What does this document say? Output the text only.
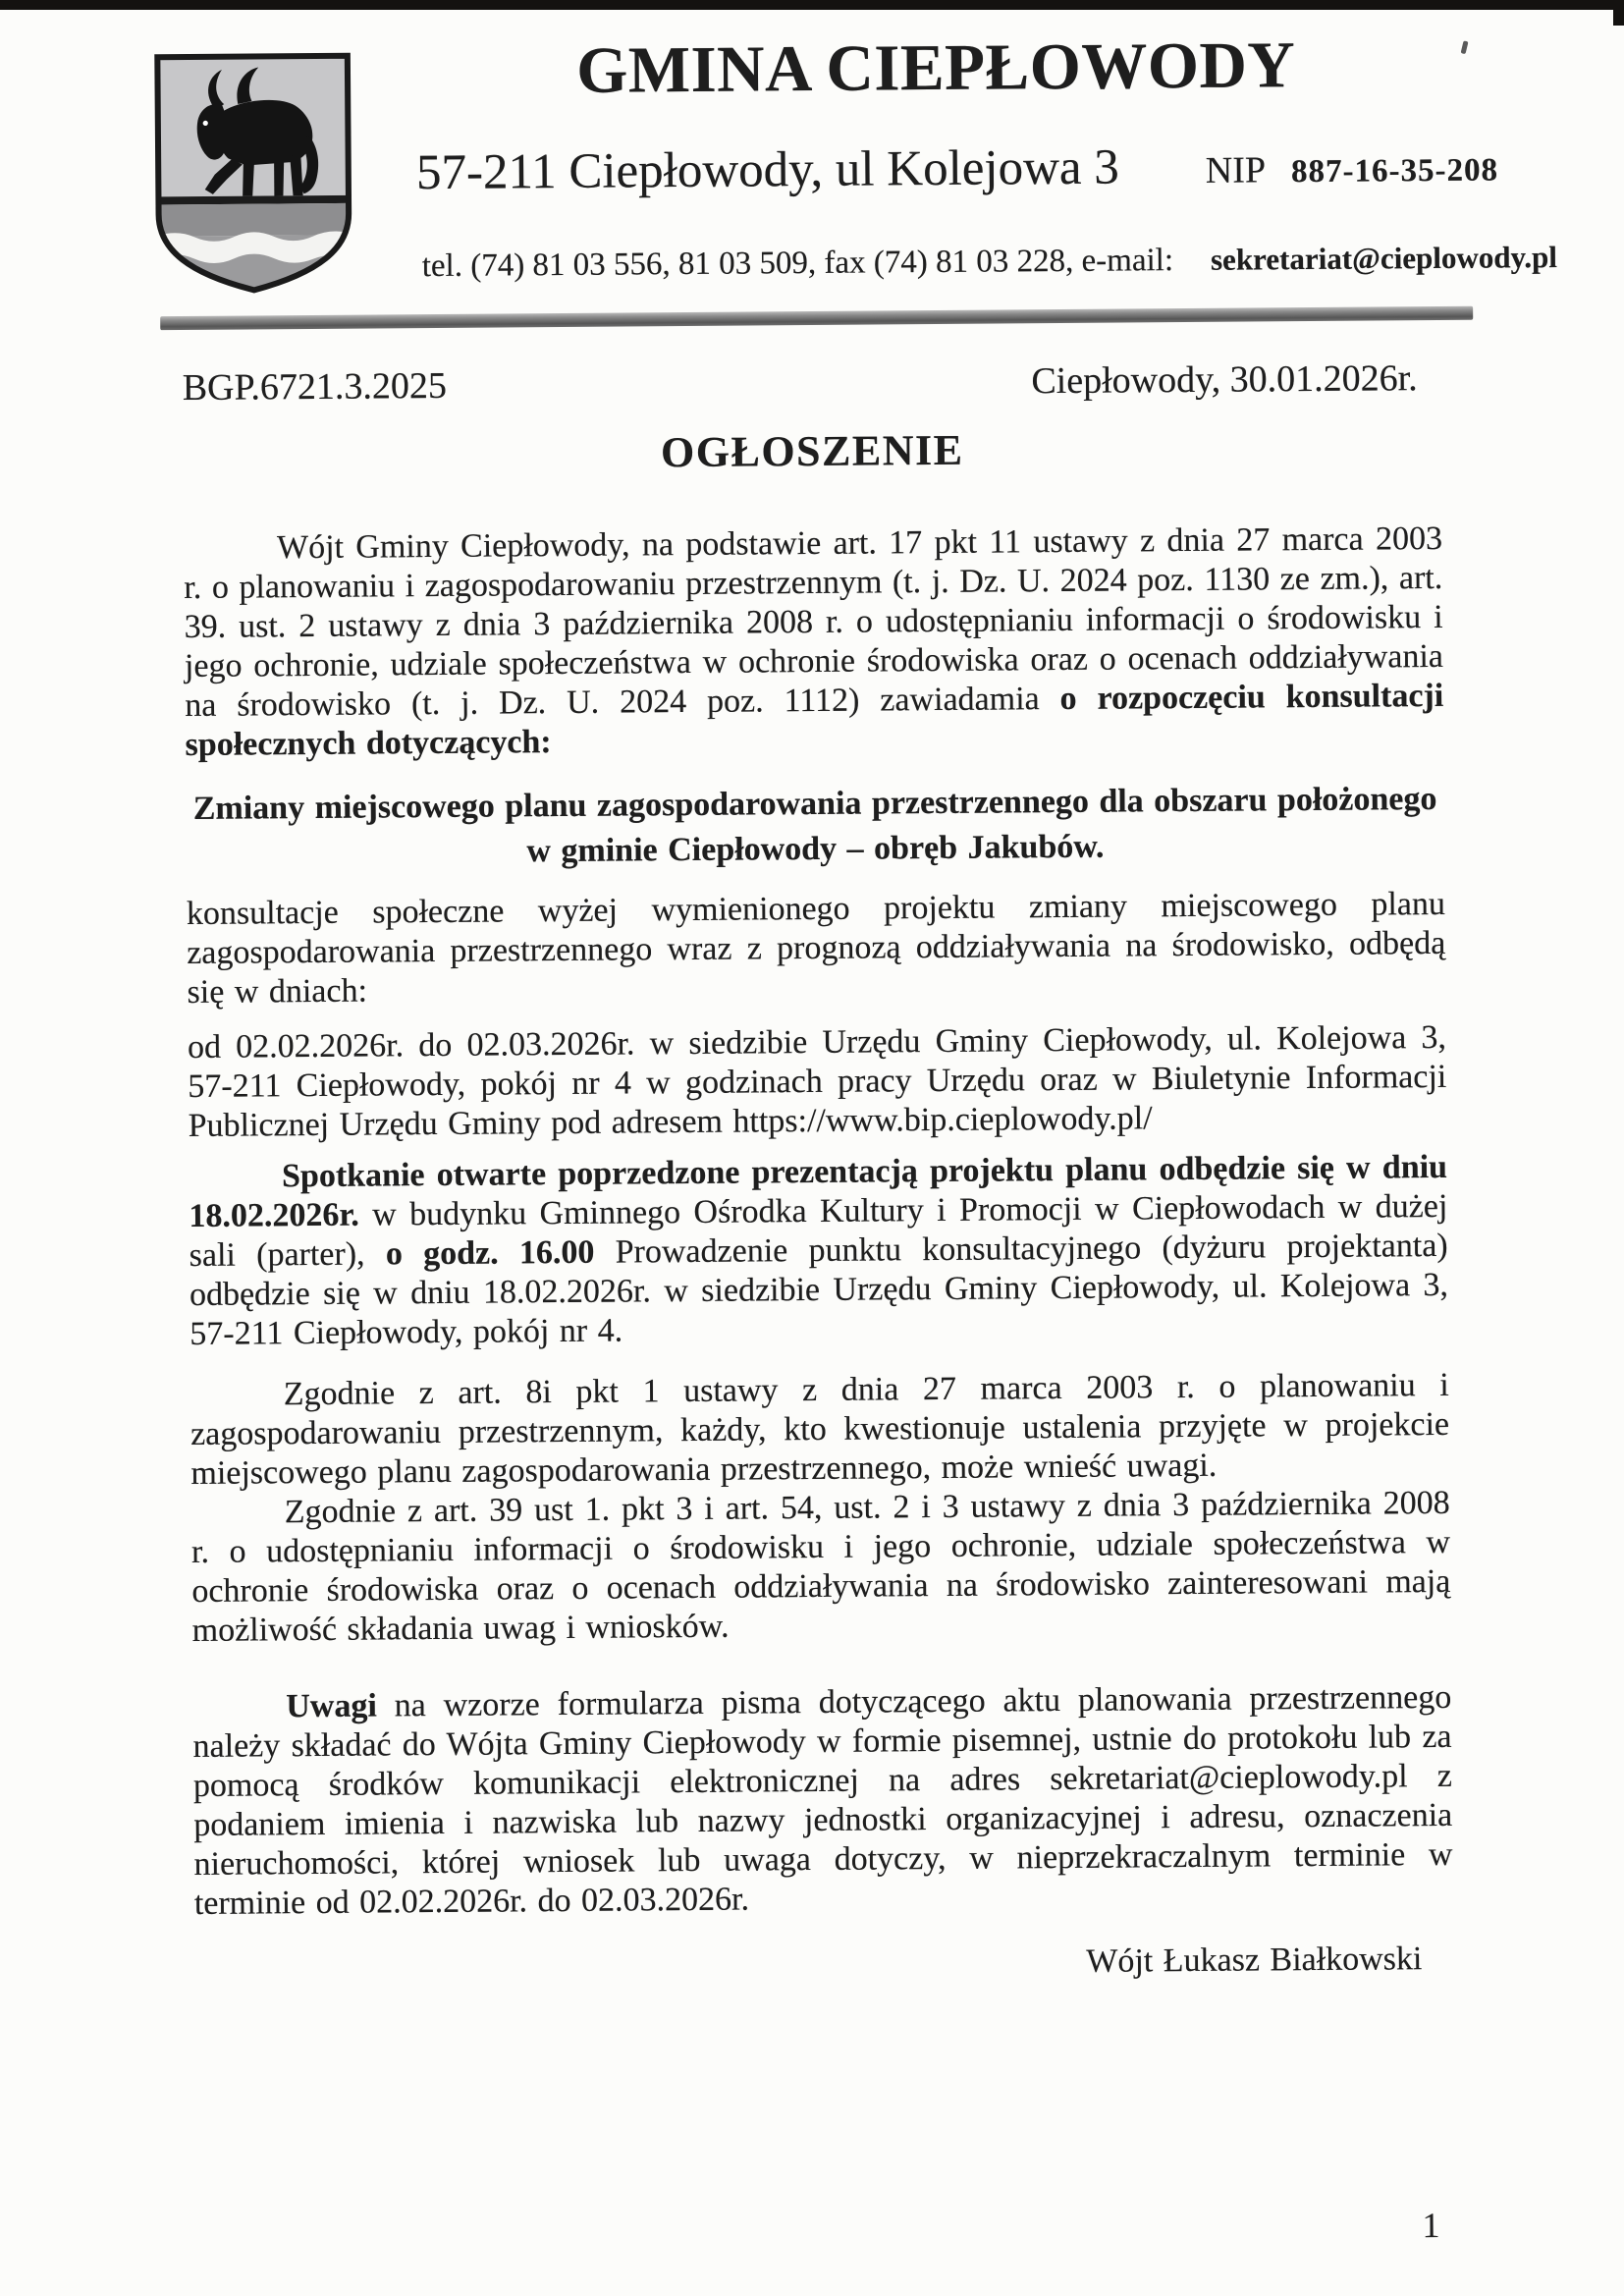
GMINA CIEPŁOWODY
57-211 Ciepłowody, ul Kolejowa 3 NIP 887-16-35-208
tel. (74) 81 03 556, 81 03 509, fax (74) 81 03 228, e-mail: sekretariat@cieplowody.pl
BGP.6721.3.2025	Ciepłowody, 30.01.2026r.
OGŁOSZENIE

Wójt Gminy Ciepłowody, na podstawie art. 17 pkt 11 ustawy z dnia 27 marca 2003 r. o planowaniu i zagospodarowaniu przestrzennym (t. j. Dz. U. 2024 poz. 1130 ze zm.), art. 39. ust. 2 ustawy z dnia 3 października 2008 r. o udostępnianiu informacji o środowisku i jego ochronie, udziale społeczeństwa w ochronie środowiska oraz o ocenach oddziaływania na środowisko (t. j. Dz. U. 2024 poz. 1112) zawiadamia o rozpoczęciu konsultacji społecznych dotyczących:

Zmiany miejscowego planu zagospodarowania przestrzennego dla obszaru położonego w gminie Ciepłowody – obręb Jakubów.

konsultacje społeczne wyżej wymienionego projektu zmiany miejscowego planu zagospodarowania przestrzennego wraz z prognozą oddziaływania na środowisko, odbędą się w dniach:

od 02.02.2026r. do 02.03.2026r. w siedzibie Urzędu Gminy Ciepłowody, ul. Kolejowa 3, 57-211 Ciepłowody, pokój nr 4 w godzinach pracy Urzędu oraz w Biuletynie Informacji Publicznej Urzędu Gminy pod adresem https://www.bip.cieplowody.pl/

Spotkanie otwarte poprzedzone prezentacją projektu planu odbędzie się w dniu 18.02.2026r. w budynku Gminnego Ośrodka Kultury i Promocji w Ciepłowodach w dużej sali (parter), o godz. 16.00 Prowadzenie punktu konsultacyjnego (dyżuru projektanta) odbędzie się w dniu 18.02.2026r. w siedzibie Urzędu Gminy Ciepłowody, ul. Kolejowa 3, 57-211 Ciepłowody, pokój nr 4.

Zgodnie z art. 8i pkt 1 ustawy z dnia 27 marca 2003 r. o planowaniu i zagospodarowaniu przestrzennym, każdy, kto kwestionuje ustalenia przyjęte w projekcie miejscowego planu zagospodarowania przestrzennego, może wnieść uwagi.

Zgodnie z art. 39 ust 1. pkt 3 i art. 54, ust. 2 i 3 ustawy z dnia 3 października 2008 r. o udostępnianiu informacji o środowisku i jego ochronie, udziale społeczeństwa w ochronie środowiska oraz o ocenach oddziaływania na środowisko zainteresowani mają możliwość składania uwag i wniosków.

Uwagi na wzorze formularza pisma dotyczącego aktu planowania przestrzennego należy składać do Wójta Gminy Ciepłowody w formie pisemnej, ustnie do protokołu lub za pomocą środków komunikacji elektronicznej na adres sekretariat@cieplowody.pl z podaniem imienia i nazwiska lub nazwy jednostki organizacyjnej i adresu, oznaczenia nieruchomości, której wniosek lub uwaga dotyczy, w nieprzekraczalnym terminie w terminie od 02.02.2026r. do 02.03.2026r.

Wójt Łukasz Białkowski

1
